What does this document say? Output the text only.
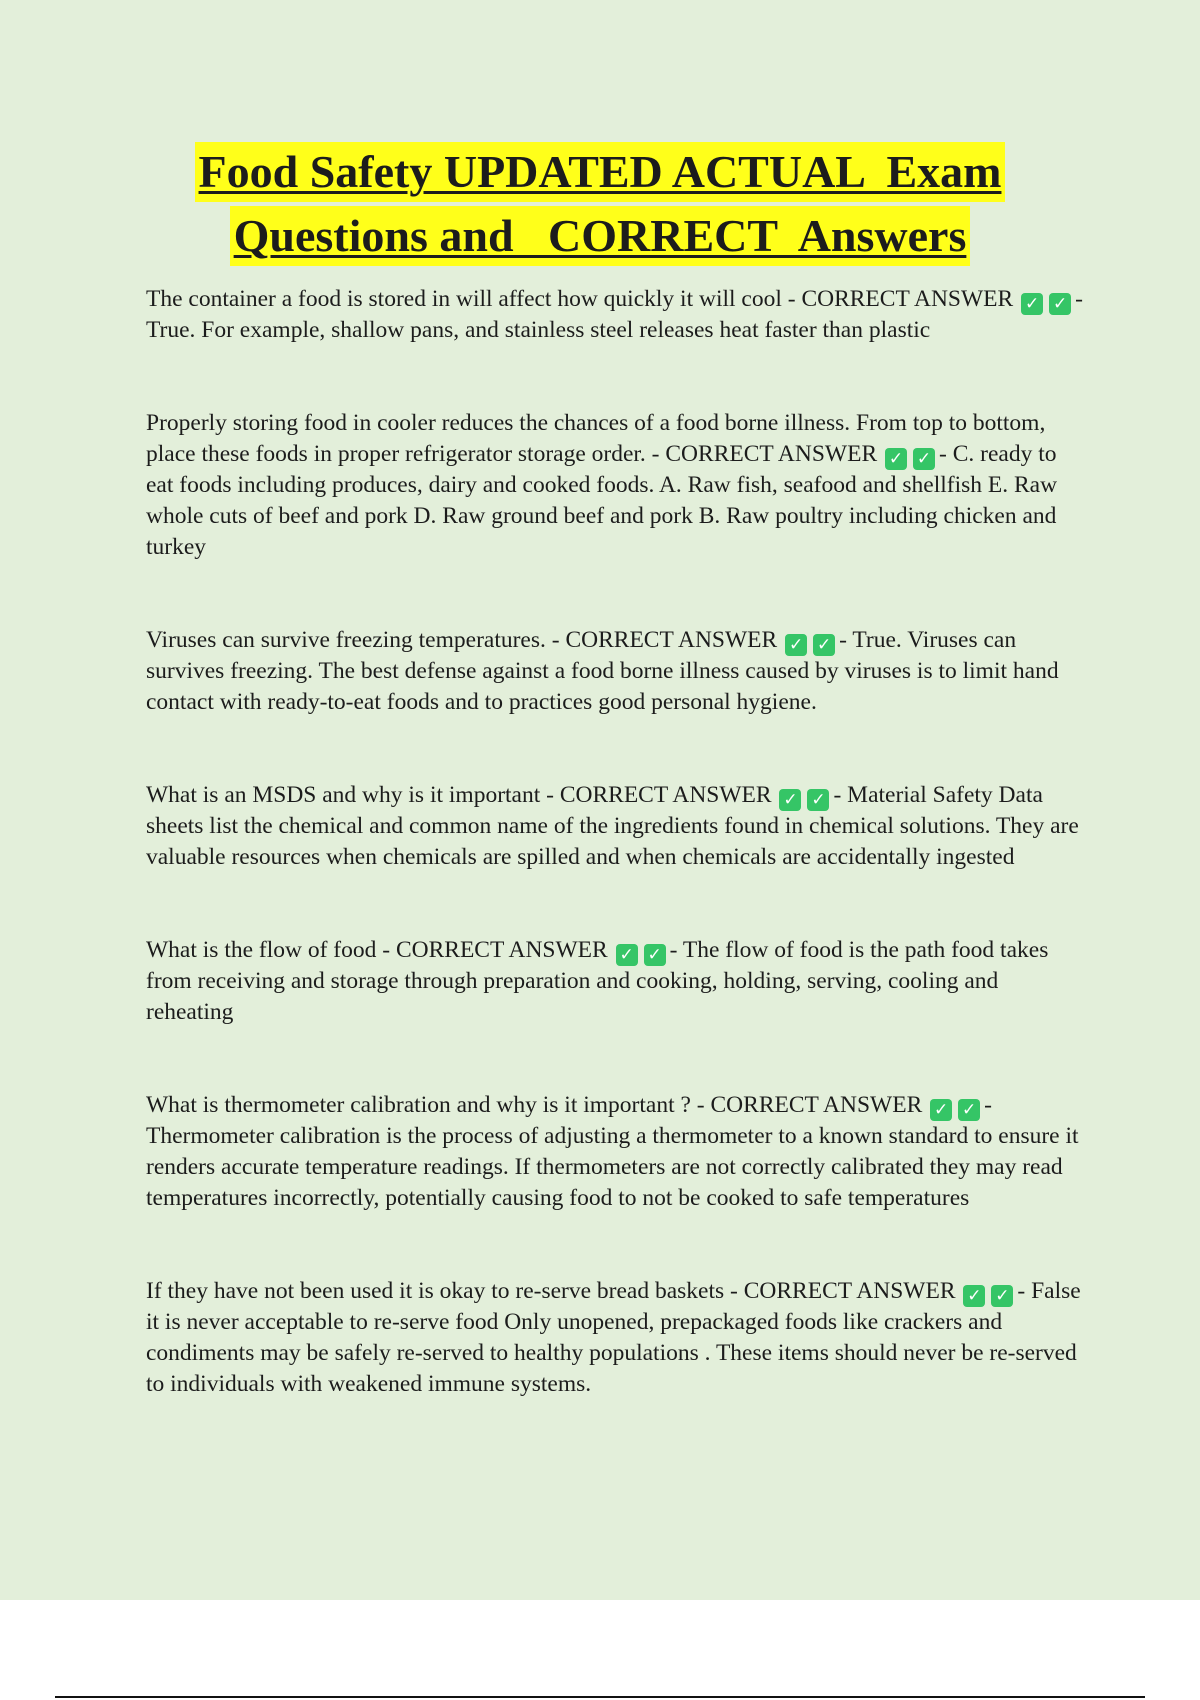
Food Safety UPDATED ACTUAL  Exam
Questions and   CORRECT  Answers

The container a food is stored in will affect how quickly it will cool - CORRECT ANSWER ✓ ✓ - True. For example, shallow pans, and stainless steel releases heat faster than plastic

Properly storing food in cooler reduces the chances of a food borne illness. From top to bottom, place these foods in proper refrigerator storage order. - CORRECT ANSWER ✓ ✓ - C. ready to eat foods including produces, dairy and cooked foods. A. Raw fish, seafood and shellfish E. Raw whole cuts of beef and pork D. Raw ground beef and pork B. Raw poultry including chicken and turkey

Viruses can survive freezing temperatures. - CORRECT ANSWER ✓ ✓ - True. Viruses can survives freezing. The best defense against a food borne illness caused by viruses is to limit hand contact with ready-to-eat foods and to practices good personal hygiene.

What is an MSDS and why is it important - CORRECT ANSWER ✓ ✓ - Material Safety Data sheets list the chemical and common name of the ingredients found in chemical solutions. They are valuable resources when chemicals are spilled and when chemicals are accidentally ingested

What is the flow of food - CORRECT ANSWER ✓ ✓ - The flow of food is the path food takes from receiving and storage through preparation and cooking, holding, serving, cooling and reheating

What is thermometer calibration and why is it important ? - CORRECT ANSWER ✓ ✓ - Thermometer calibration is the process of adjusting a thermometer to a known standard to ensure it renders accurate temperature readings. If thermometers are not correctly calibrated they may read temperatures incorrectly, potentially causing food to not be cooked to safe temperatures

If they have not been used it is okay to re-serve bread baskets - CORRECT ANSWER ✓ ✓ - False it is never acceptable to re-serve food Only unopened, prepackaged foods like crackers and condiments may be safely re-served to healthy populations . These items should never be re-served to individuals with weakened immune systems.
